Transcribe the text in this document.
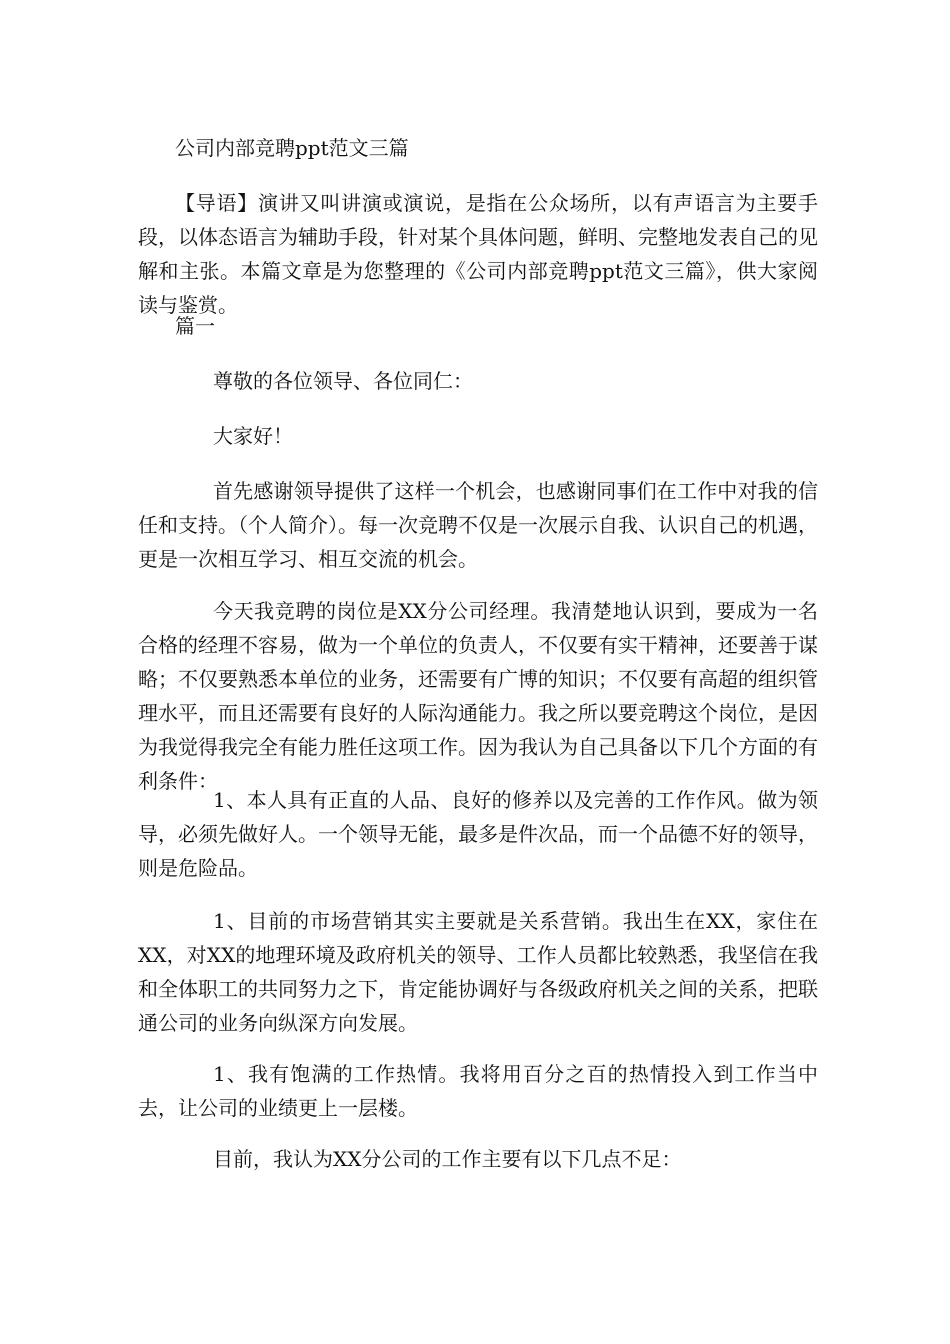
公司内部竞聘ppt范文三篇

【导语】演讲又叫讲演或演说，是指在公众场所，以有声语言为主要手段，以体态语言为辅助手段，针对某个具体问题，鲜明、完整地发表自己的见解和主张。本篇文章是为您整理的《公司内部竞聘ppt范文三篇》，供大家阅读与鉴赏。

篇一
尊敬的各位领导、各位同仁：
大家好！

首先感谢领导提供了这样一个机会，也感谢同事们在工作中对我的信任和支持。（个人简介）。每一次竞聘不仅是一次展示自我、认识自己的机遇，更是一次相互学习、相互交流的机会。

今天我竞聘的岗位是XX分公司经理。我清楚地认识到，要成为一名合格的经理不容易，做为一个单位的负责人，不仅要有实干精神，还要善于谋略；不仅要熟悉本单位的业务，还需要有广博的知识；不仅要有高超的组织管理水平，而且还需要有良好的人际沟通能力。我之所以要竞聘这个岗位，是因为我觉得我完全有能力胜任这项工作。因为我认为自己具备以下几个方面的有利条件：

1、本人具有正直的人品、良好的修养以及完善的工作作风。做为领导，必须先做好人。一个领导无能，最多是件次品，而一个品德不好的领导，则是危险品。

1、目前的市场营销其实主要就是关系营销。我出生在XX，家住在XX，对XX的地理环境及政府机关的领导、工作人员都比较熟悉，我坚信在我和全体职工的共同努力之下，肯定能协调好与各级政府机关之间的关系，把联通公司的业务向纵深方向发展。

1、我有饱满的工作热情。我将用百分之百的热情投入到工作当中去，让公司的业绩更上一层楼。

目前，我认为XX分公司的工作主要有以下几点不足：
